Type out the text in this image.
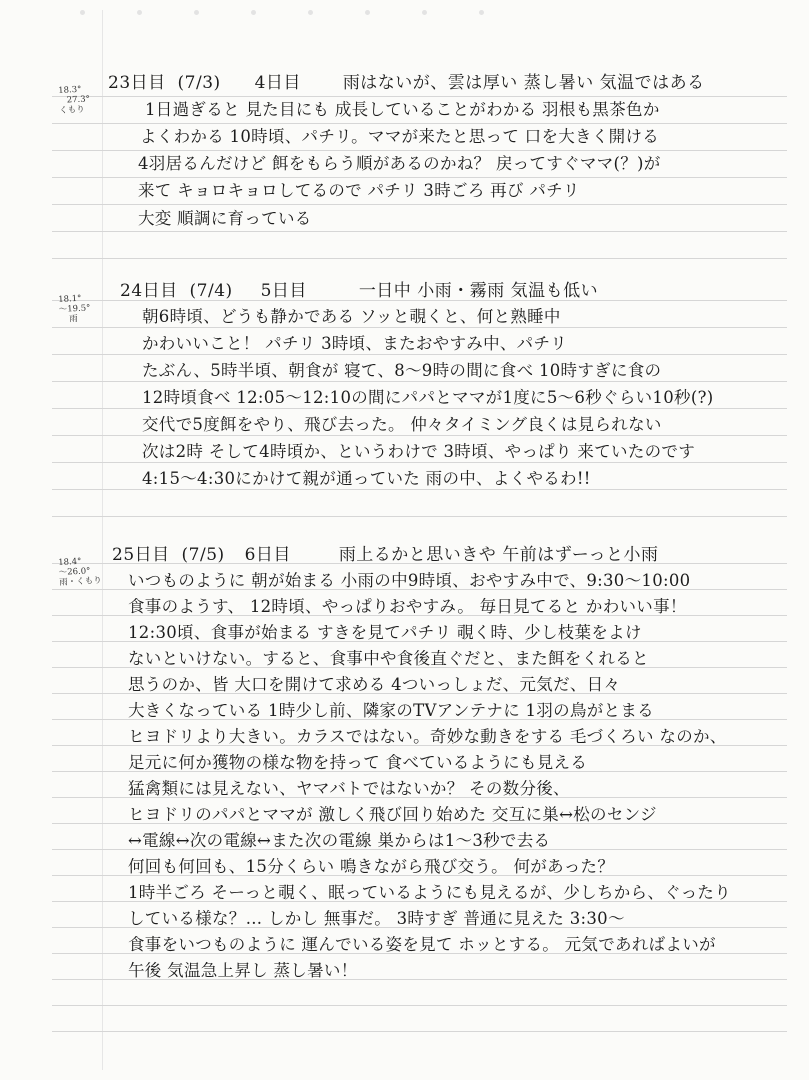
18.3°
27.3°
くもり
23日目 (7/3) 4日目 雨はないが、雲は厚い 蒸し暑い 気温ではある
1日過ぎると 見た目にも 成長していることがわかる 羽根も黒茶色か
よくわかる 10時頃、パチリ。ママが来たと思って 口を大きく開ける
4羽居るんだけど 餌をもらう順があるのかね？ 戻ってすぐママ(？)が
来て キョロキョロしてるので パチリ 3時ごろ 再び パチリ
大変 順調に育っている
18.1°
～19.5°
雨
24日目 (7/4) 5日目	一日中 小雨・霧雨 気温も低い
朝6時頃、どうも静かである ソッと覗くと、何と熟睡中
かわいいこと！ パチリ 3時頃、またおやすみ中、パチリ
たぶん、5時半頃、朝食が 寝て、8～9時の間に食べ 10時すぎに食の
12時頃食べ 12:05～12:10の間にパパとママが1度に5～6秒ぐらい10秒(?)
交代で5度餌をやり、飛び去った。 仲々タイミング良くは見られない
次は2時 そして4時頃か、というわけで 3時頃、やっぱり 来ていたのです
4:15～4:30にかけて親が通っていた 雨の中、よくやるわ!!
18.4°
～26.0°
雨・くもり
25日目 (7/5) 6日目	雨上るかと思いきや 午前はずーっと小雨
いつものように 朝が始まる 小雨の中9時頃、おやすみ中で、9:30～10:00
食事のようす、 12時頃、やっぱりおやすみ。 毎日見てると かわいい事！
12:30頃、食事が始まる すきを見てパチリ 覗く時、少し枝葉をよけ
ないといけない。すると、食事中や食後直ぐだと、また餌をくれると
思うのか、皆 大口を開けて求める 4ついっしょだ、元気だ、日々
大きくなっている 1時少し前、隣家のTVアンテナに 1羽の鳥がとまる
ヒヨドリより大きい。カラスではない。奇妙な動きをする 毛づくろい なのか、
足元に何か獲物の様な物を持って 食べているようにも見える
猛禽類には見えない、ヤマバトではないか？ その数分後、
ヒヨドリのパパとママが 激しく飛び回り始めた 交互に巣↔松のセンジ
↔電線↔次の電線↔また次の電線 巣からは1～3秒で去る
何回も何回も、15分くらい 鳴きながら飛び交う。 何があった？
1時半ごろ そーっと覗く、眠っているようにも見えるが、少しちから、ぐったり
している様な？… しかし 無事だ。 3時すぎ 普通に見えた 3:30～
食事をいつものように 運んでいる姿を見て ホッとする。 元気であればよいが
午後 気温急上昇し 蒸し暑い！
